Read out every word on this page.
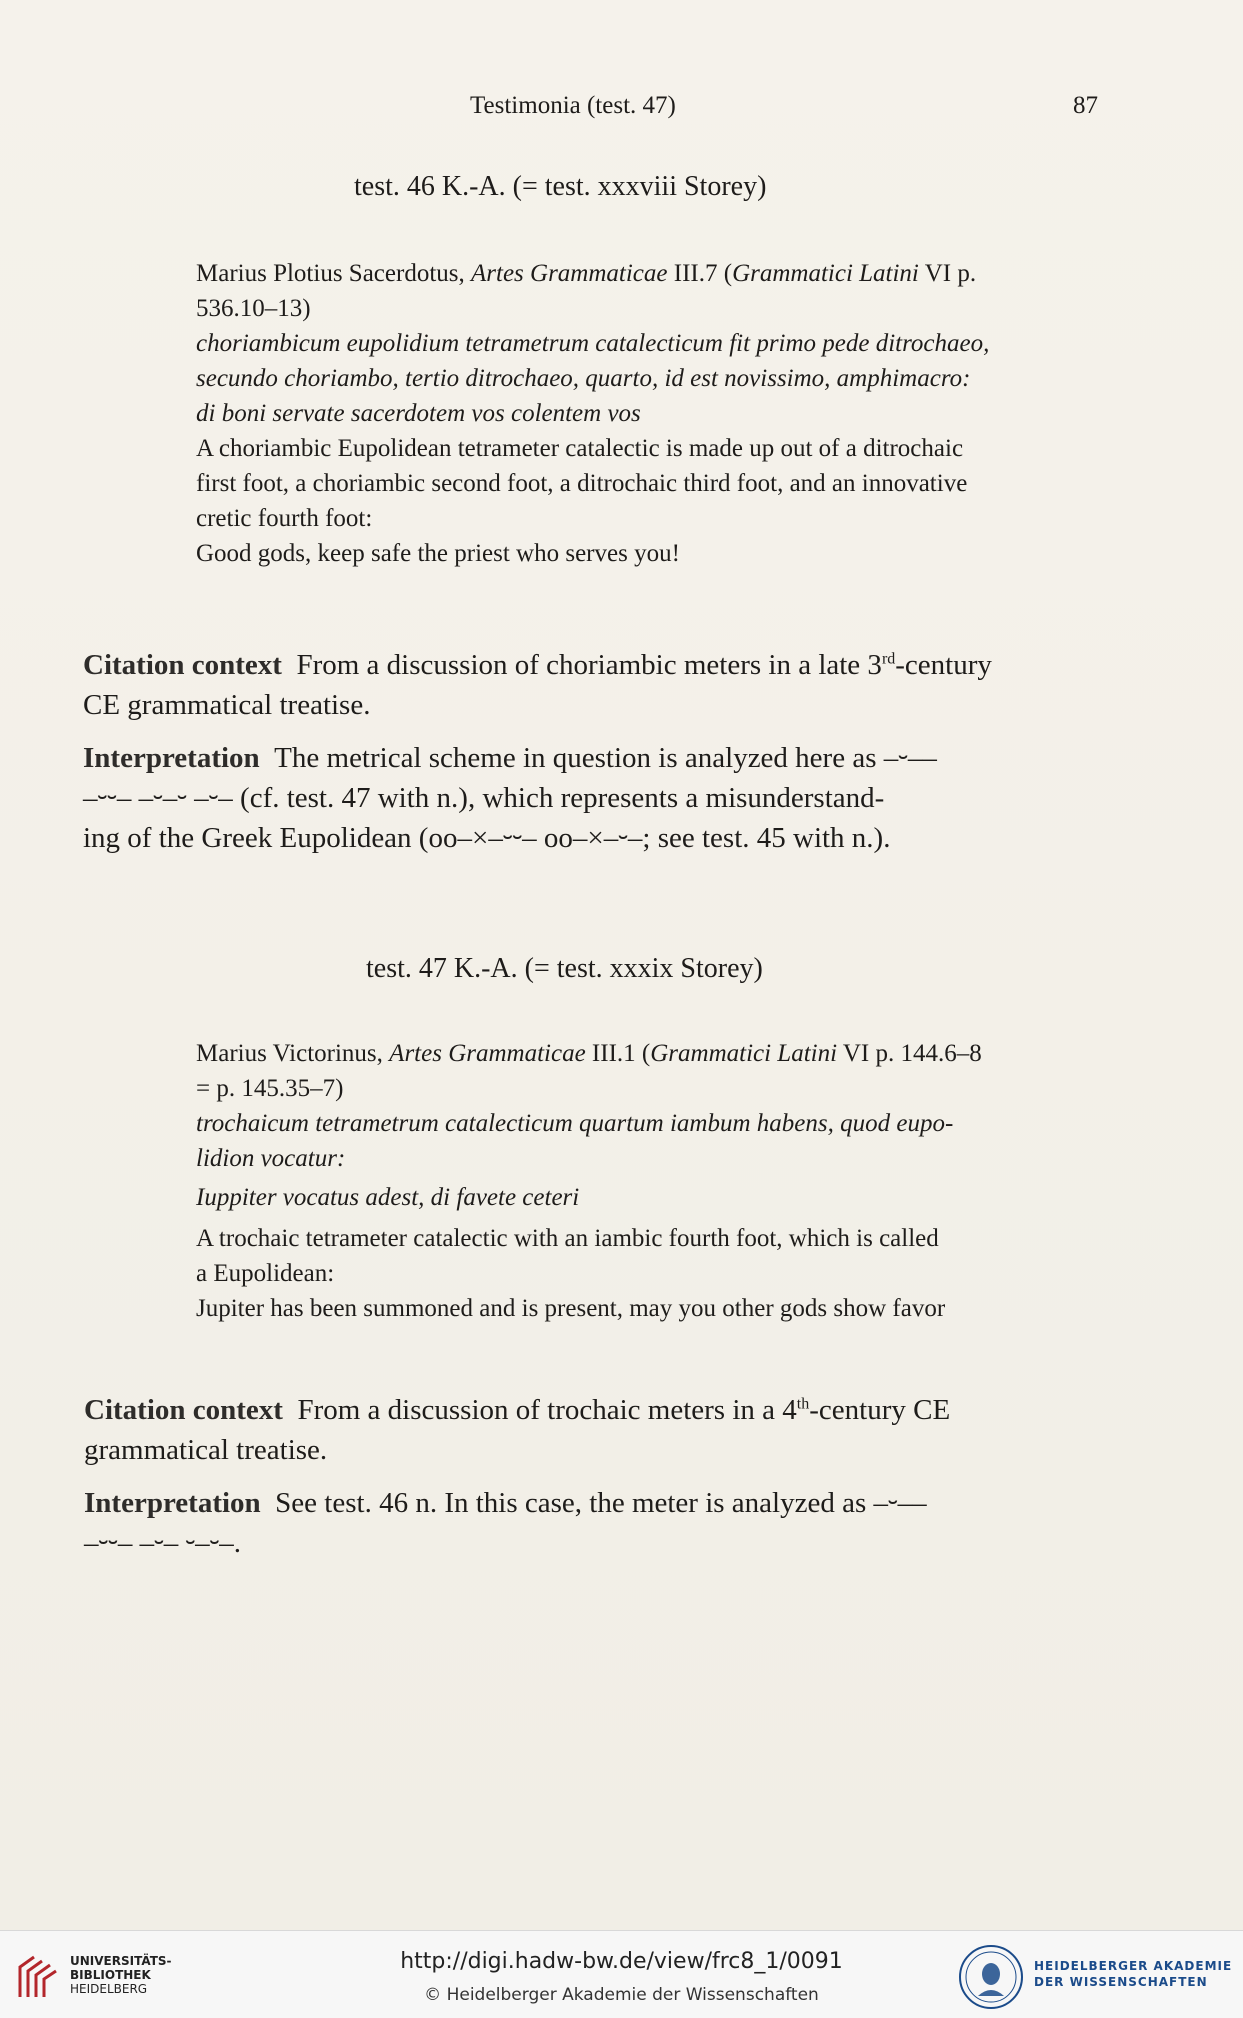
Testimonia (test. 47)	87
test. 46 K.-A. (= test. xxxviii Storey)

Marius Plotius Sacerdotus, Artes Grammaticae III.7 (Grammatici Latini VI p.

536.10–13)

choriambicum eupolidium tetrametrum catalecticum fit primo pede ditrochaeo,

secundo choriambo, tertio ditrochaeo, quarto, id est novissimo, amphimacro:

di boni servate sacerdotem vos colentem vos

A choriambic Eupolidean tetrameter catalectic is made up out of a ditrochaic

first foot, a choriambic second foot, a ditrochaic third foot, and an innovative

cretic fourth foot:

Good gods, keep safe the priest who serves you!

Citation context From a discussion of choriambic meters in a late 3rd-century

CE grammatical treatise.

Interpretation The metrical scheme in question is analyzed here as –⏑––

–⏑⏑– –⏑–⏑ –⏑– (cf. test. 47 with n.), which represents a misunderstand-

ing of the Greek Eupolidean (oo–×–⏑⏑– oo–×–⏑–; see test. 45 with n.).

test. 47 K.-A. (= test. xxxix Storey)

Marius Victorinus, Artes Grammaticae III.1 (Grammatici Latini VI p. 144.6–8

= p. 145.35–7)

trochaicum tetrametrum catalecticum quartum iambum habens, quod eupo-

lidion vocatur:

Iuppiter vocatus adest, di favete ceteri

A trochaic tetrameter catalectic with an iambic fourth foot, which is called

a Eupolidean:

Jupiter has been summoned and is present, may you other gods show favor

Citation context From a discussion of trochaic meters in a 4th-century CE

grammatical treatise.

Interpretation See test. 46 n. In this case, the meter is analyzed as –⏑––

–⏑⏑– –⏑– ⏑–⏑–.

UNIVERSITÄTS-
BIBLIOTHEK
HEIDELBERG
http://digi.hadw-bw.de/view/frc8_1/0091
© Heidelberger Akademie der Wissenschaften
HEIDELBERGER AKADEMIE
DER WISSENSCHAFTEN
